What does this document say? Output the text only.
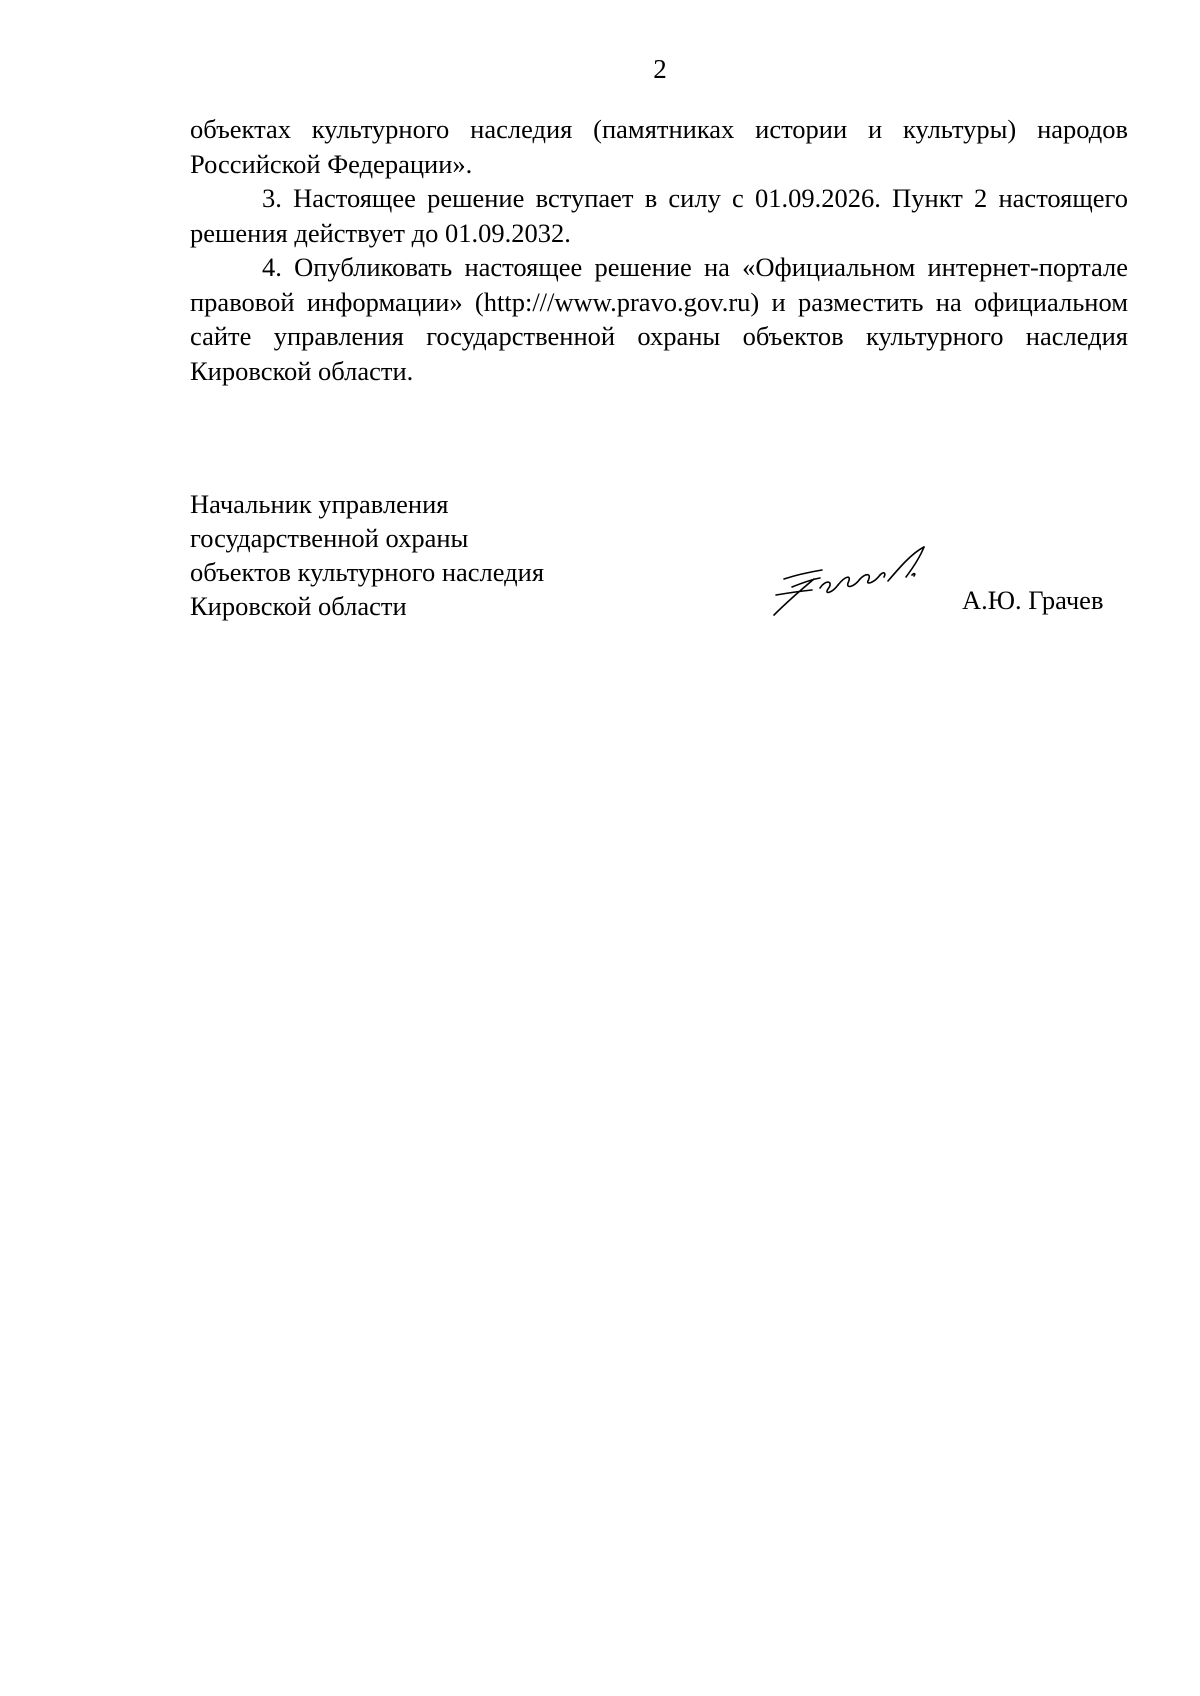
2

объектах культурного наследия (памятниках истории и культуры) народов Российской Федерации».

3. Настоящее решение вступает в силу с 01.09.2026. Пункт 2 настоящего решения действует до 01.09.2032.

4. Опубликовать настоящее решение на «Официальном интернет-портале правовой информации» (http:///www.pravo.gov.ru) и разместить на официальном сайте управления государственной охраны объектов культурного наследия Кировской области.

Начальник управления
государственной охраны
объектов культурного наследия
Кировской области	А.Ю. Грачев
